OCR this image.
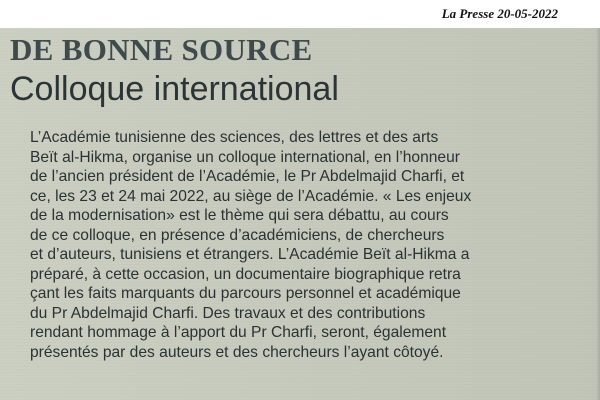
La Presse 20-05-2022
DE BONNE SOURCE
Colloque international
L’Académie tunisienne des sciences, des lettres et des arts
Beït al-Hikma, organise un colloque international, en l’honneur
de l’ancien président de l’Académie, le Pr Abdelmajid Charfi, et
ce, les 23 et 24 mai 2022, au siège de l’Académie. « Les enjeux
de la modernisation» est le thème qui sera débattu, au cours
de ce colloque, en présence d’académiciens, de chercheurs
et d’auteurs, tunisiens et étrangers. L’Académie Beït al-Hikma a
préparé, à cette occasion, un documentaire biographique retra
çant les faits marquants du parcours personnel et académique
du Pr Abdelmajid Charfi. Des travaux et des contributions
rendant hommage à l’apport du Pr Charfi, seront, également
présentés par des auteurs et des chercheurs l’ayant côtoyé.
